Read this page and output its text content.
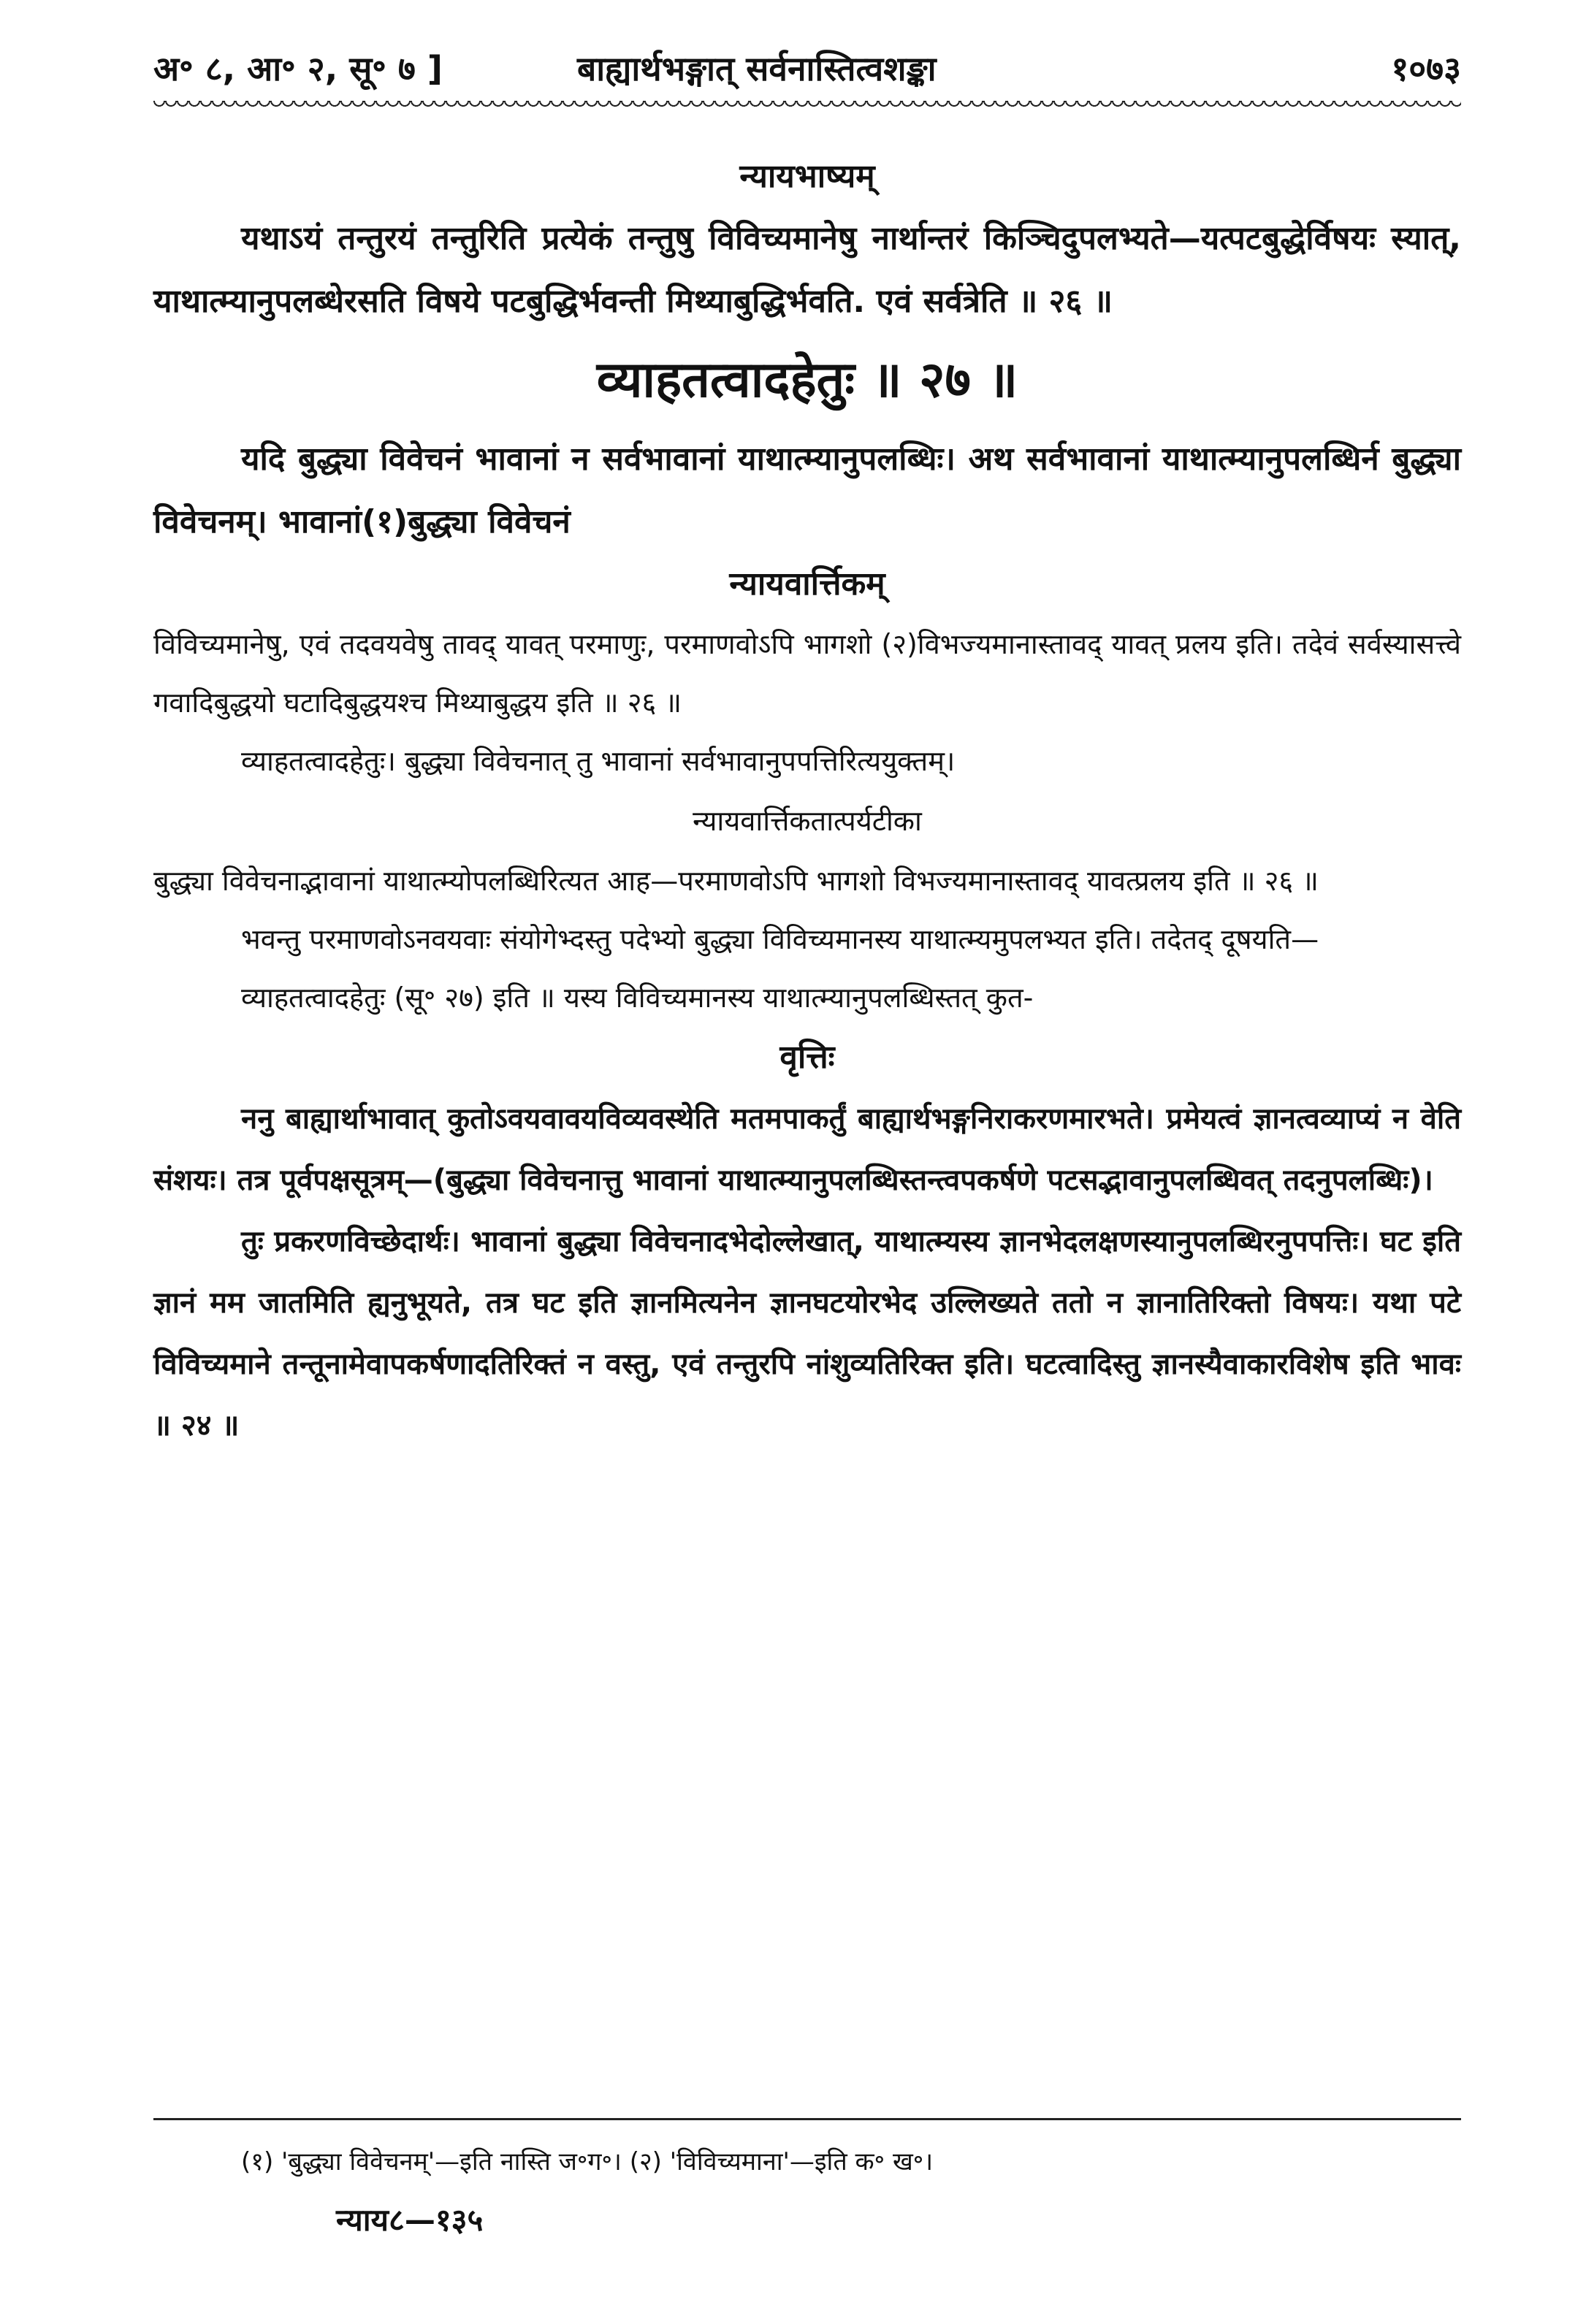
अ॰ ८, आ॰ २, सू॰ ७ ]	बाह्यार्थभङ्गात् सर्वनास्तित्वशङ्का	१०७३
न्यायभाष्यम्

यथाऽयं तन्तुरयं तन्तुरिति प्रत्येकं तन्तुषु विविच्यमानेषु नार्थान्तरं किञ्चिदुपलभ्यते—यत्पटबुद्धेर्विषयः स्यात्, याथात्म्यानुपलब्धेरसति विषये पटबुद्धिर्भवन्ती मिथ्याबुद्धिर्भवति. एवं सर्वत्रेति ॥ २६ ॥

व्याहतत्वादहेतुः ॥ २७ ॥

यदि बुद्ध्या विवेचनं भावानां न सर्वभावानां याथात्म्यानुपलब्धिः। अथ सर्वभावानां याथात्म्यानुपलब्धिर्न बुद्ध्या विवेचनम्। भावानां(१)बुद्ध्या विवेचनं

न्यायवार्त्तिकम्

विविच्यमानेषु, एवं तदवयवेषु तावद् यावत् परमाणुः, परमाणवोऽपि भागशो (२)विभज्यमानास्तावद् यावत् प्रलय इति। तदेवं सर्वस्यासत्त्वे गवादिबुद्धयो घटादिबुद्धयश्च मिथ्याबुद्धय इति ॥ २६ ॥

व्याहतत्वादहेतुः। बुद्ध्या विवेचनात् तु भावानां सर्वभावानुपपत्तिरित्ययुक्तम्।

न्यायवार्त्तिकतात्पर्यटीका

बुद्ध्या विवेचनाद्भावानां याथात्म्योपलब्धिरित्यत आह—परमाणवोऽपि भागशो विभज्यमानास्तावद् यावत्प्रलय इति ॥ २६ ॥

भवन्तु परमाणवोऽनवयवाः संयोगेभ्दस्तु पदेभ्यो बुद्ध्या विविच्यमानस्य याथात्म्यमुपलभ्यत इति। तदेतद् दूषयति—

व्याहतत्वादहेतुः (सू॰ २७) इति ॥ यस्य विविच्यमानस्य याथात्म्यानुपलब्धिस्तत् कुत-

वृत्तिः

ननु बाह्यार्थाभावात् कुतोऽवयवावयविव्यवस्थेति मतमपाकर्तुं बाह्यार्थभङ्गनिराकरणमारभते। प्रमेयत्वं ज्ञानत्वव्याप्यं न वेति संशयः। तत्र पूर्वपक्षसूत्रम्—(बुद्ध्या विवेचनात्तु भावानां याथात्म्यानुपलब्धिस्तन्त्वपकर्षणे पटसद्भावानुपलब्धिवत् तदनुपलब्धिः)।

तुः प्रकरणविच्छेदार्थः। भावानां बुद्ध्या विवेचनादभेदोल्लेखात्, याथात्म्यस्य ज्ञानभेदलक्षणस्यानुपलब्धिरनुपपत्तिः। घट इति ज्ञानं मम जातमिति ह्यनुभूयते, तत्र घट इति ज्ञानमित्यनेन ज्ञानघटयोरभेद उल्लिख्यते ततो न ज्ञानातिरिक्तो विषयः। यथा पटे विविच्यमाने तन्तूनामेवापकर्षणादतिरिक्तं न वस्तु, एवं तन्तुरपि नांशुव्यतिरिक्त इति। घटत्वादिस्तु ज्ञानस्यैवाकारविशेष इति भावः ॥ २४ ॥

(१) 'बुद्ध्या विवेचनम्'—इति नास्ति ज॰ग॰। (२) 'विविच्यमाना'—इति क॰ ख॰।
न्याय८—१३५
